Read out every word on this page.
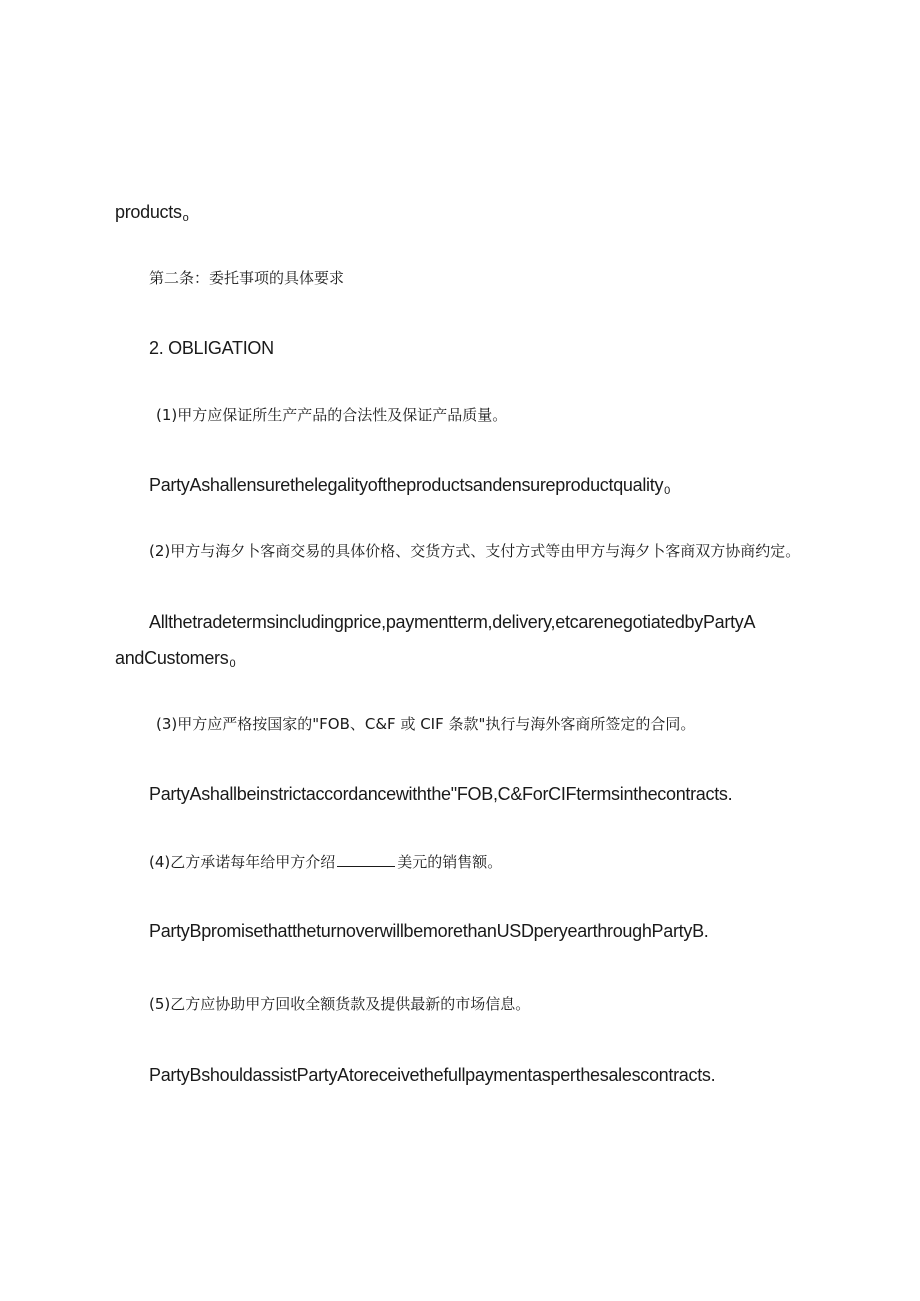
products$_o$
第二条：委托事项的具体要求
2. OBLIGATION
(1)甲方应保证所生产产品的合法性及保证产品质量。
PartyAshallensurethelegalityoftheproductsandensureproductquality$_0$
(2)甲方与海夕卜客商交易的具体价格、交货方式、支付方式等由甲方与海夕卜客商双方协商约定。
Allthetradetermsincludingprice,paymentterm,delivery,etcarenegotiatedbyPartyA
andCustomers$_0$
(3)甲方应严格按国家的"FOB、C&F 或 CIF 条款"执行与海外客商所签定的合同。
PartyAshallbeinstrictaccordancewiththe"FOB,C&ForCIFtermsinthecontracts.
(4)乙方承诺每年给甲方介绍	美元的销售额。
PartyBpromisethattheturnoverwillbemorethanUSDperyearthroughPartyB.
(5)乙方应协助甲方回收全额货款及提供最新的市场信息。
PartyBshouldassistPartyAtoreceivethefullpaymentasperthesalescontracts.
